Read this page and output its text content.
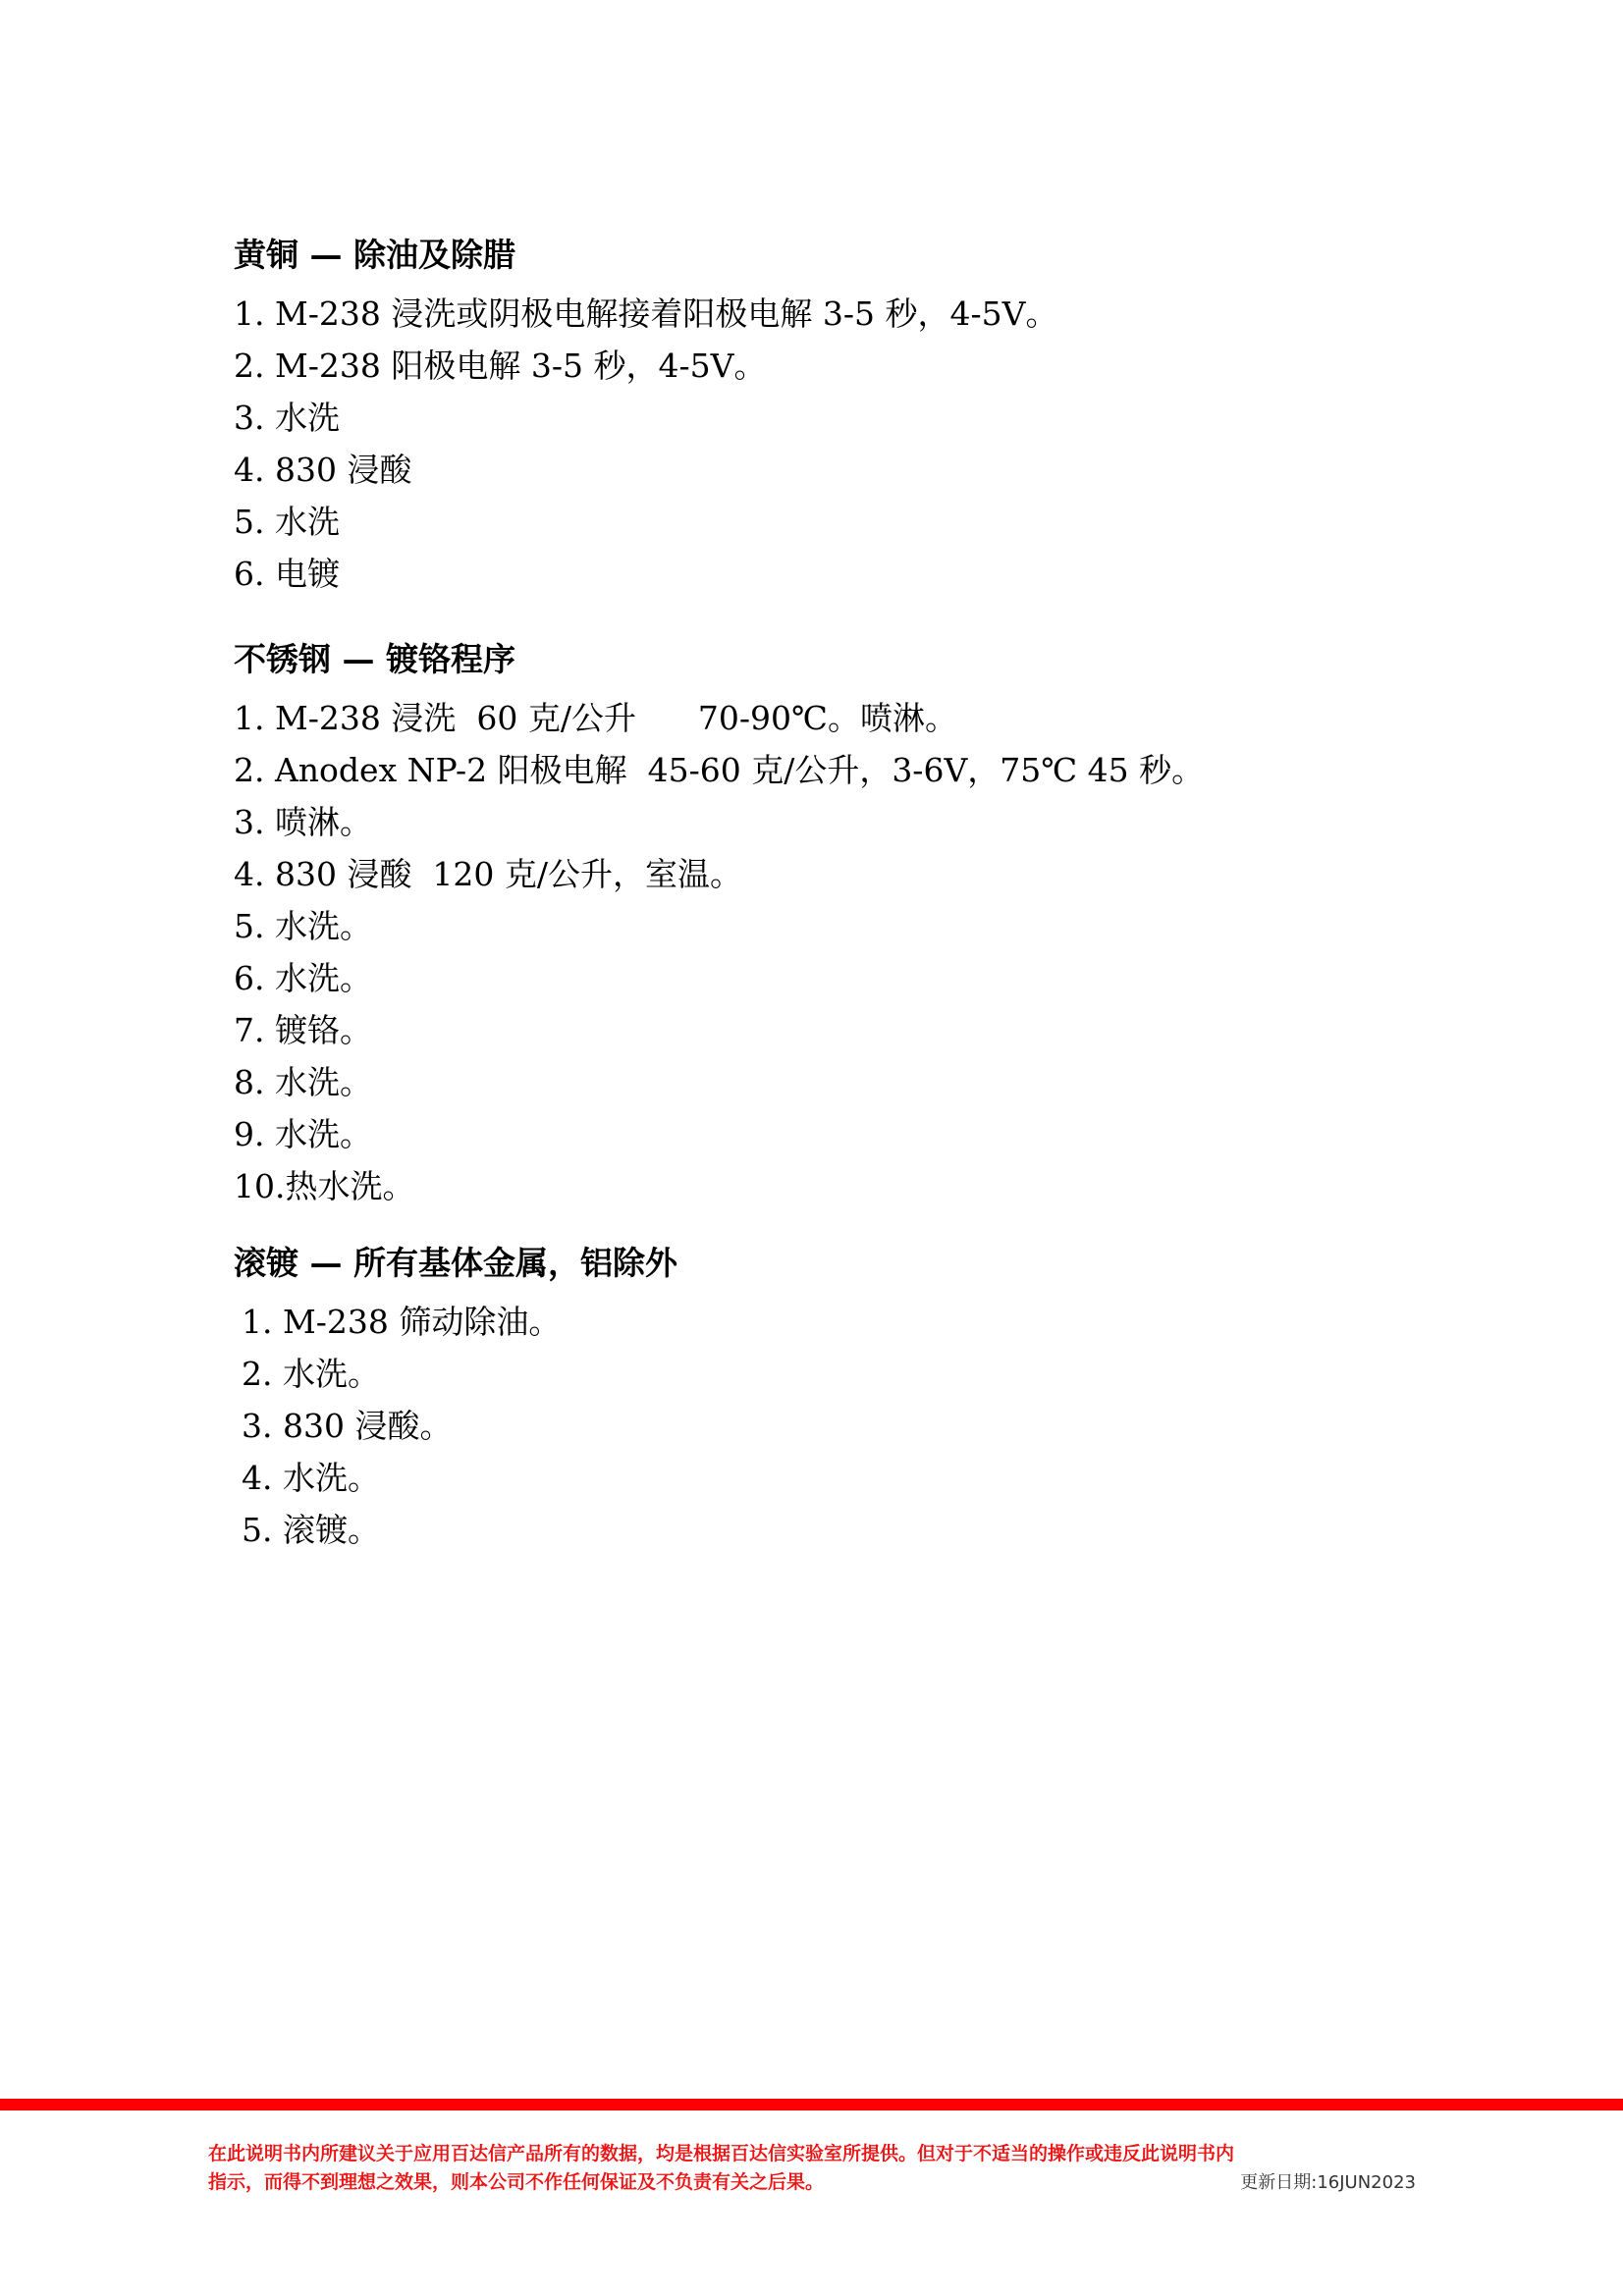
黄铜 — 除油及除腊
1. M-238 浸洗或阴极电解接着阳极电解 3-5 秒，4-5V。
2. M-238 阳极电解 3-5 秒，4-5V。
3. 水洗
4. 830 浸酸
5. 水洗
6. 电镀
不锈钢 — 镀铬程序
1. M-238 浸洗  60 克/公升      70-90℃。喷淋。
2. Anodex NP-2 阳极电解  45-60 克/公升，3-6V，75℃ 45 秒。
3. 喷淋。
4. 830 浸酸  120 克/公升，室温。
5. 水洗。
6. 水洗。
7. 镀铬。
8. 水洗。
9. 水洗。
10.热水洗。
滚镀 — 所有基体金属，铝除外
1. M-238 筛动除油。
2. 水洗。
3. 830 浸酸。
4. 水洗。
5. 滚镀。
在此说明书内所建议关于应用百达信产品所有的数据，均是根据百达信实验室所提供。但对于不适当的操作或违反此说明书内
指示，而得不到理想之效果，则本公司不作任何保证及不负责有关之后果。	更新日期:16JUN2023
